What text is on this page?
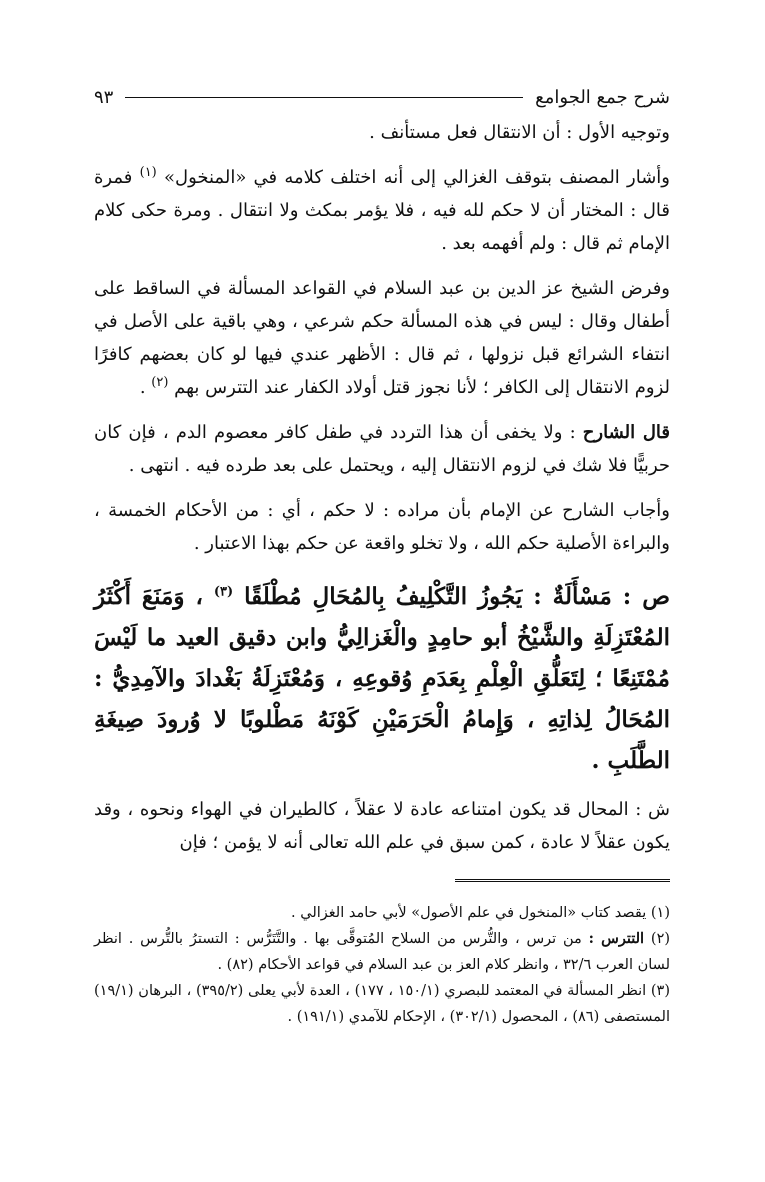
شرح جمع الجوامع
٩٣

وتوجيه الأول : أن الانتقال فعل مستأنف .

وأشار المصنف بتوقف الغزالي إلى أنه اختلف كلامه في «المنخول» $^{(١)}$ فمرة قال : المختار أن لا حكم لله فيه ، فلا يؤمر بمكث ولا انتقال . ومرة حكى كلام الإمام ثم قال : ولم أفهمه بعد .

وفرض الشيخ عز الدين بن عبد السلام في القواعد المسألة في الساقط على أطفال وقال : ليس في هذه المسألة حكم شرعي ، وهي باقية على الأصل في انتفاء الشرائع قبل نزولها ، ثم قال : الأظهر عندي فيها لو كان بعضهم كافرًا لزوم الانتقال إلى الكافر ؛ لأنا نجوز قتل أولاد الكفار عند التترس بهم $^{(٢)}$ .

قال الشارح : ولا يخفى أن هذا التردد في طفل كافر معصوم الدم ، فإن كان حربيًّا فلا شك في لزوم الانتقال إليه ، ويحتمل على بعد طرده فيه . انتهى .

وأجاب الشارح عن الإمام بأن مراده : لا حكم ، أي : من الأحكام الخمسة ، والبراءة الأصلية حكم الله ، ولا تخلو واقعة عن حكم بهذا الاعتبار .

ص : مَسْأَلَةٌ : يَجُوزُ التَّكْلِيفُ بِالمُحَالِ مُطْلَقًا $^{(٣)}$ ، وَمَنَعَ أَكْثَرُ المُعْتَزِلَةِ والشَّيْخُ أبو حامِدٍ والْغَزالِيُّ وابن دقيق العيد ما لَيْسَ مُمْتَنِعًا ؛ لِتَعَلُّقِ الْعِلْمِ بِعَدَمِ وُقوعِهِ ، وَمُعْتَزِلَةُ بَغْدادَ والآمِدِيُّ : المُحَالُ لِذاتِهِ ، وَإِمامُ الْحَرَمَيْنِ كَوْنَهُ مَطْلوبًا لا وُرودَ صِيغَةِ الطَّلَبِ .

ش : المحال قد يكون امتناعه عادة لا عقلاً ، كالطيران في الهواء ونحوه ، وقد يكون عقلاً لا عادة ، كمن سبق في علم الله تعالى أنه لا يؤمن ؛ فإن

(١) يقصد كتاب «المنخول في علم الأصول» لأبي حامد الغزالي .

(٢) التترس : من ترس ، والتُّرس من السلاح المُتوقَّى بها . والتَّتَرُّس : التسترُ بالتُّرس . انظر لسان العرب ٣٢/٦ ، وانظر كلام العز بن عبد السلام في قواعد الأحكام (٨٢) .

(٣) انظر المسألة في المعتمد للبصري (١٥٠/١ ، ١٧٧) ، العدة لأبي يعلى (٣٩٥/٢) ، البرهان (١٩/١) المستصفى (٨٦) ، المحصول (٣٠٢/١) ، الإحكام للآمدي (١٩١/١) .
